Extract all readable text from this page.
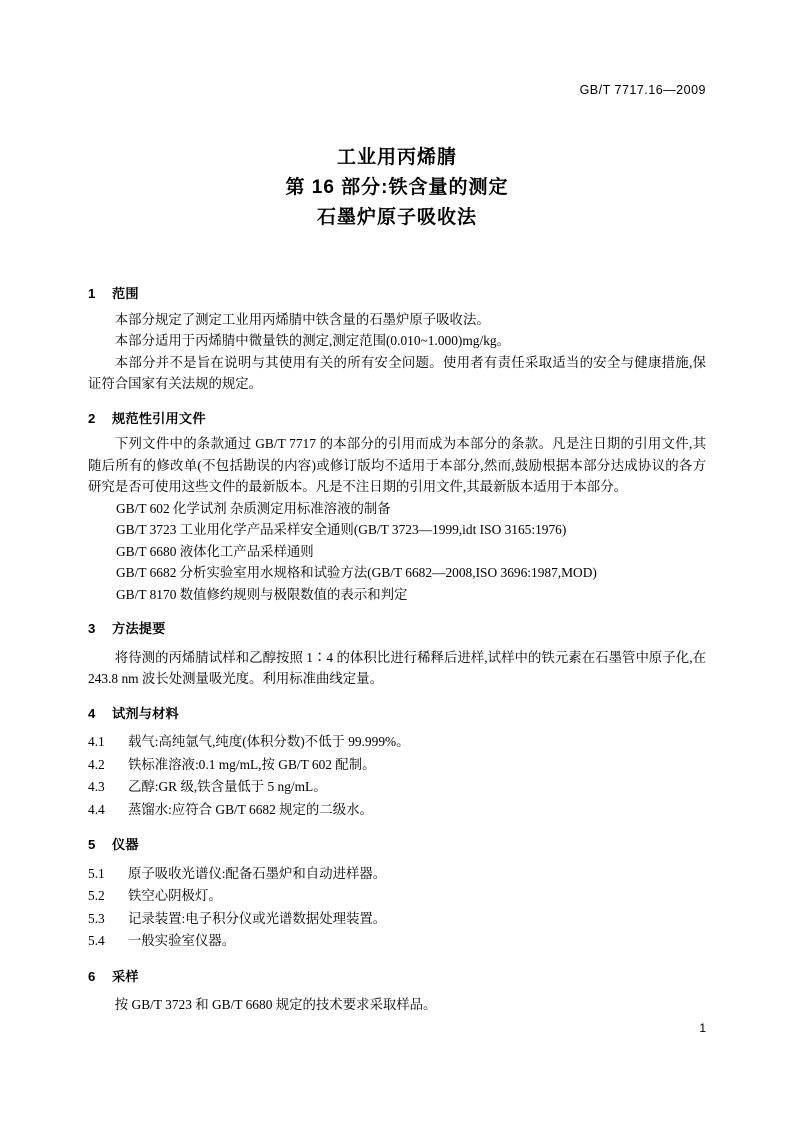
GB/T 7717.16—2009
工业用丙烯腈
第 16 部分:铁含量的测定
石墨炉原子吸收法
1 范围

本部分规定了测定工业用丙烯腈中铁含量的石墨炉原子吸收法。

本部分适用于丙烯腈中微量铁的测定,测定范围(0.010~1.000)mg/kg。

本部分并不是旨在说明与其使用有关的所有安全问题。使用者有责任采取适当的安全与健康措施,保证符合国家有关法规的规定。

2 规范性引用文件

下列文件中的条款通过 GB/T 7717 的本部分的引用而成为本部分的条款。凡是注日期的引用文件,其随后所有的修改单(不包括勘误的内容)或修订版均不适用于本部分,然而,鼓励根据本部分达成协议的各方研究是否可使用这些文件的最新版本。凡是不注日期的引用文件,其最新版本适用于本部分。

GB/T 602 化学试剂 杂质测定用标准溶液的制备

GB/T 3723 工业用化学产品采样安全通则(GB/T 3723—1999,idt ISO 3165:1976)

GB/T 6680 液体化工产品采样通则

GB/T 6682 分析实验室用水规格和试验方法(GB/T 6682—2008,ISO 3696:1987,MOD)

GB/T 8170 数值修约规则与极限数值的表示和判定

3 方法提要

将待测的丙烯腈试样和乙醇按照 1∶4 的体积比进行稀释后进样,试样中的铁元素在石墨管中原子化,在 243.8 nm 波长处测量吸光度。利用标准曲线定量。

4 试剂与材料

4.1 载气:高纯氩气,纯度(体积分数)不低于 99.999%。

4.2 铁标准溶液:0.1 mg/mL,按 GB/T 602 配制。

4.3 乙醇:GR 级,铁含量低于 5 ng/mL。

4.4 蒸馏水:应符合 GB/T 6682 规定的二级水。

5 仪器

5.1 原子吸收光谱仪:配备石墨炉和自动进样器。

5.2 铁空心阴极灯。

5.3 记录装置:电子积分仪或光谱数据处理装置。

5.4 一般实验室仪器。

6 采样

按 GB/T 3723 和 GB/T 6680 规定的技术要求采取样品。

1
